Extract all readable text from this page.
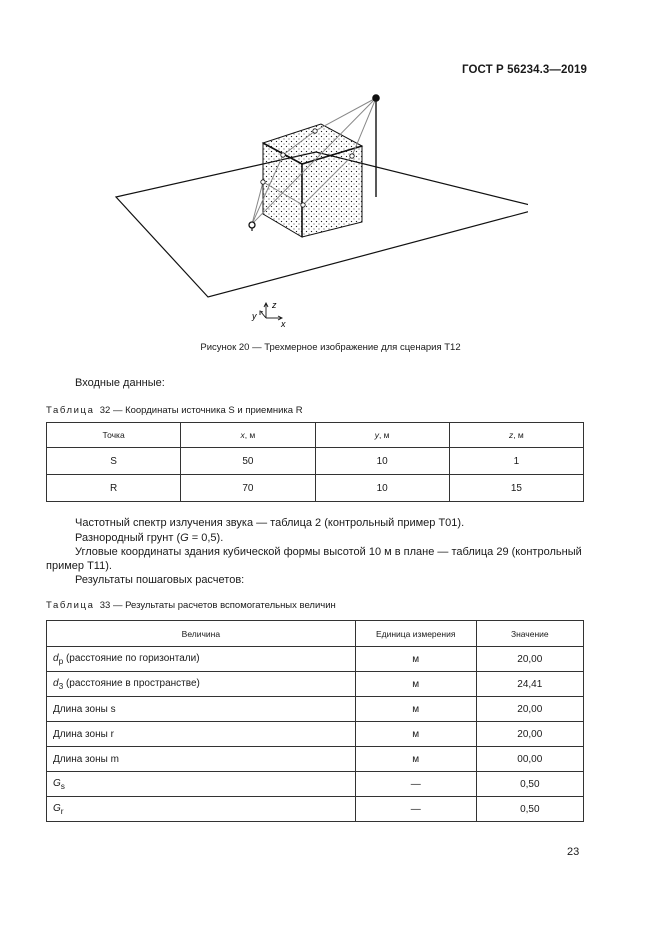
ГОСТ Р 56234.3—2019
z
y
x
Рисунок 20 — Трехмерное изображение для сценария Т12
Входные данные:
Таблица 32 — Координаты источника S и приемника R
Точка	x, м	y, м	z, м
S	50	10	1
R	70	10	15
Частотный спектр излучения звука — таблица 2 (контрольный пример Т01).
Разнородный грунт (G = 0,5).
Угловые координаты здания кубической формы высотой 10 м в плане — таблица 29 (контрольный
пример Т11).
Результаты пошаговых расчетов:
Таблица 33 — Результаты расчетов вспомогательных величин
Величина	Единица измерения	Значение
$d_p$ (расстояние по горизонтали)	м	20,00
$d_3$ (расстояние в пространстве)	м	24,41
Длина зоны s	м	20,00
Длина зоны r	м	20,00
Длина зоны m	м	00,00
$G_s$	—	0,50
$G_r$	—	0,50
23
